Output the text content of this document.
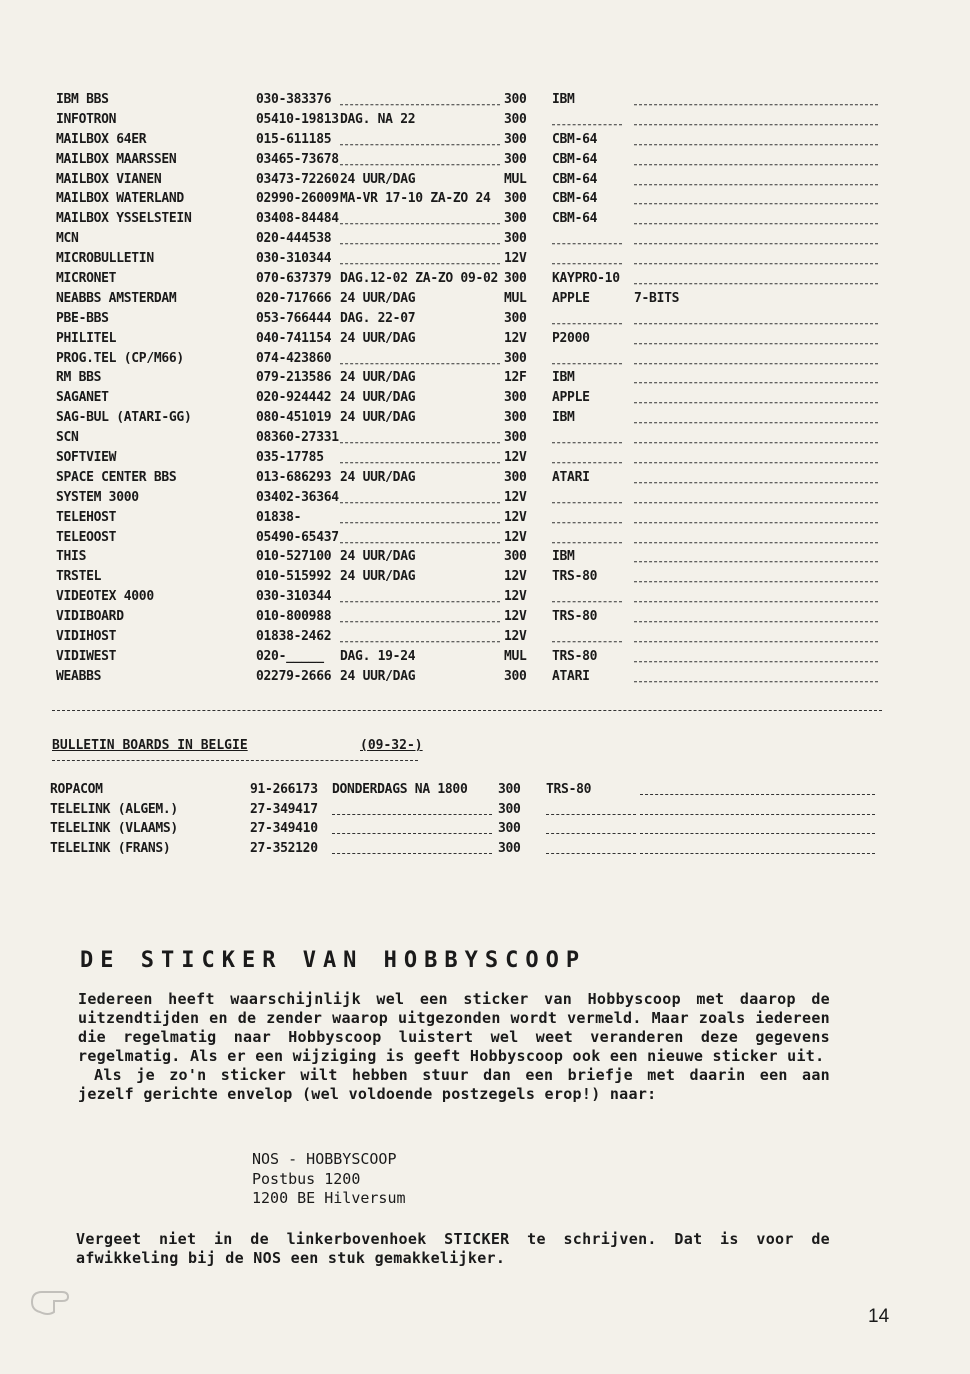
IBM BBS	030-383376	300 IBM
INFOTRON	05410-19813 DAG. NA 22	300
MAILBOX 64ER	015-611185	300 CBM-64
MAILBOX MAARSSEN	03465-73678	300 CBM-64
MAILBOX VIANEN	03473-72260 24 UUR/DAG	MUL CBM-64
MAILBOX WATERLAND	02990-26009 MA-VR 17-10 ZA-ZO 24	300 CBM-64
MAILBOX YSSELSTEIN	03408-84484	300 CBM-64
MCN	020-444538	300
MICROBULLETIN	030-310344	12V
MICRONET	070-637379 DAG.12-02 ZA-ZO 09-02 300 KAYPRO-10
NEABBS AMSTERDAM	020-717666 24 UUR/DAG	MUL APPLE	7-BITS
PBE-BBS	053-766444 DAG. 22-07	300
PHILITEL	040-741154 24 UUR/DAG	12V P2000
PROG.TEL (CP/M66)	074-423860	300
RM BBS	079-213586 24 UUR/DAG	12F IBM
SAGANET	020-924442 24 UUR/DAG	300 APPLE
SAG-BUL (ATARI-GG)	080-451019 24 UUR/DAG	300 IBM
SCN	08360-27331	300
SOFTVIEW	035-17785	12V
SPACE CENTER BBS	013-686293 24 UUR/DAG	300 ATARI
SYSTEM 3000	03402-36364	12V
TELEHOST	01838-	12V
TELEOOST	05490-65437	12V
THIS	010-527100 24 UUR/DAG	300 IBM
TRSTEL	010-515992 24 UUR/DAG	12V TRS-80
VIDEOTEX 4000	030-310344	12V
VIDIBOARD	010-800988	12V TRS-80
VIDIHOST	01838-2462	12V
VIDIWEST	020-_____ DAG. 19-24	MUL TRS-80
WEABBS	02279-2666 24 UUR/DAG	300 ATARI
BULLETIN BOARDS IN BELGIE	(09-32-)
ROPACOM	91-266173 DONDERDAGS NA 1800	300 TRS-80
TELELINK (ALGEM.)	27-349417	300
TELELINK (VLAAMS)	27-349410	300
TELELINK (FRANS)	27-352120	300
DE STICKER VAN HOBBYSCOOP

Iedereen heeft waarschijnlijk wel een sticker van Hobbyscoop met daarop de uitzendtijden en de zender waarop uitgezonden wordt vermeld. Maar zoals iedereen die regelmatig naar Hobbyscoop luistert wel weet veranderen deze gegevens regelmatig. Als er een wijziging is geeft Hobbyscoop ook een nieuwe sticker uit.

Als je zo'n sticker wilt hebben stuur dan een briefje met daarin een aan jezelf gerichte envelop (wel voldoende postzegels erop!) naar:

NOS - HOBBYSCOOP
Postbus 1200
1200 BE Hilversum
Vergeet niet in de linkerbovenhoek STICKER te schrijven. Dat is voor de afwikkeling bij de NOS een stuk gemakkelijker.
14
